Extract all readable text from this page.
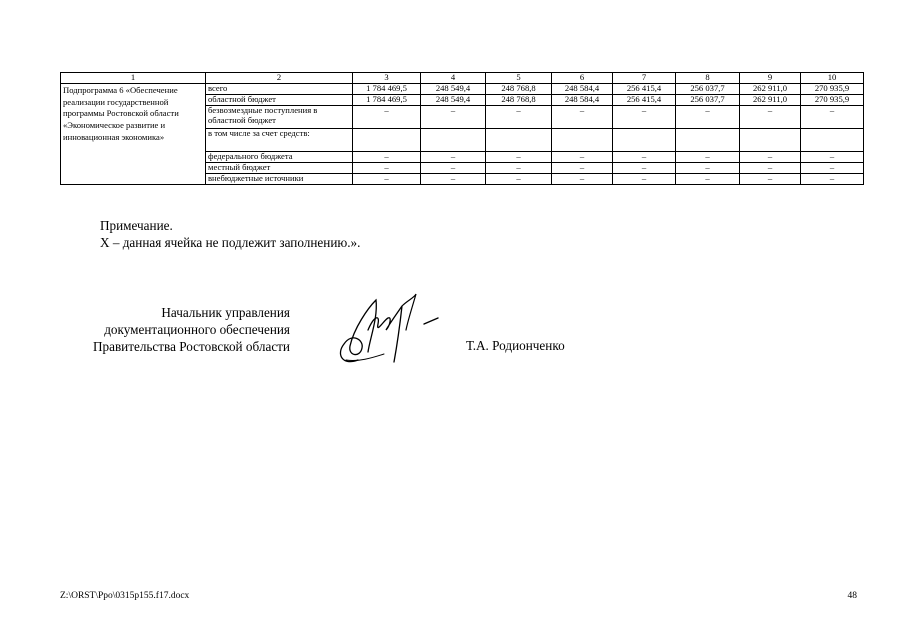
1	2	3	4	5	6	7	8	9	10
Подпрограмма 6 «Обеспечение реализации государственной программы Ростовской области «Экономическое развитие и инновационная экономика»	всего	1 784 469,5	248 549,4	248 768,8	248 584,4	256 415,4	256 037,7	262 911,0	270 935,9
	областной бюджет	1 784 469,5	248 549,4	248 768,8	248 584,4	256 415,4	256 037,7	262 911,0	270 935,9
	безвозмездные поступления в областной бюджет	–	–	–	–	–	–	–	–
	в том числе за счет средств:								
	федерального бюджета	–	–	–	–	–	–	–	–
	местный бюджет	–	–	–	–	–	–	–	–
	внебюджетные источники	–	–	–	–	–	–	–	–
Примечание.
Х – данная ячейка не подлежит заполнению.».
Начальник управления
документационного обеспечения
Правительства Ростовской области	Т.А. Родионченко
Z:\ORST\Ppo\0315p155.f17.docx	48
